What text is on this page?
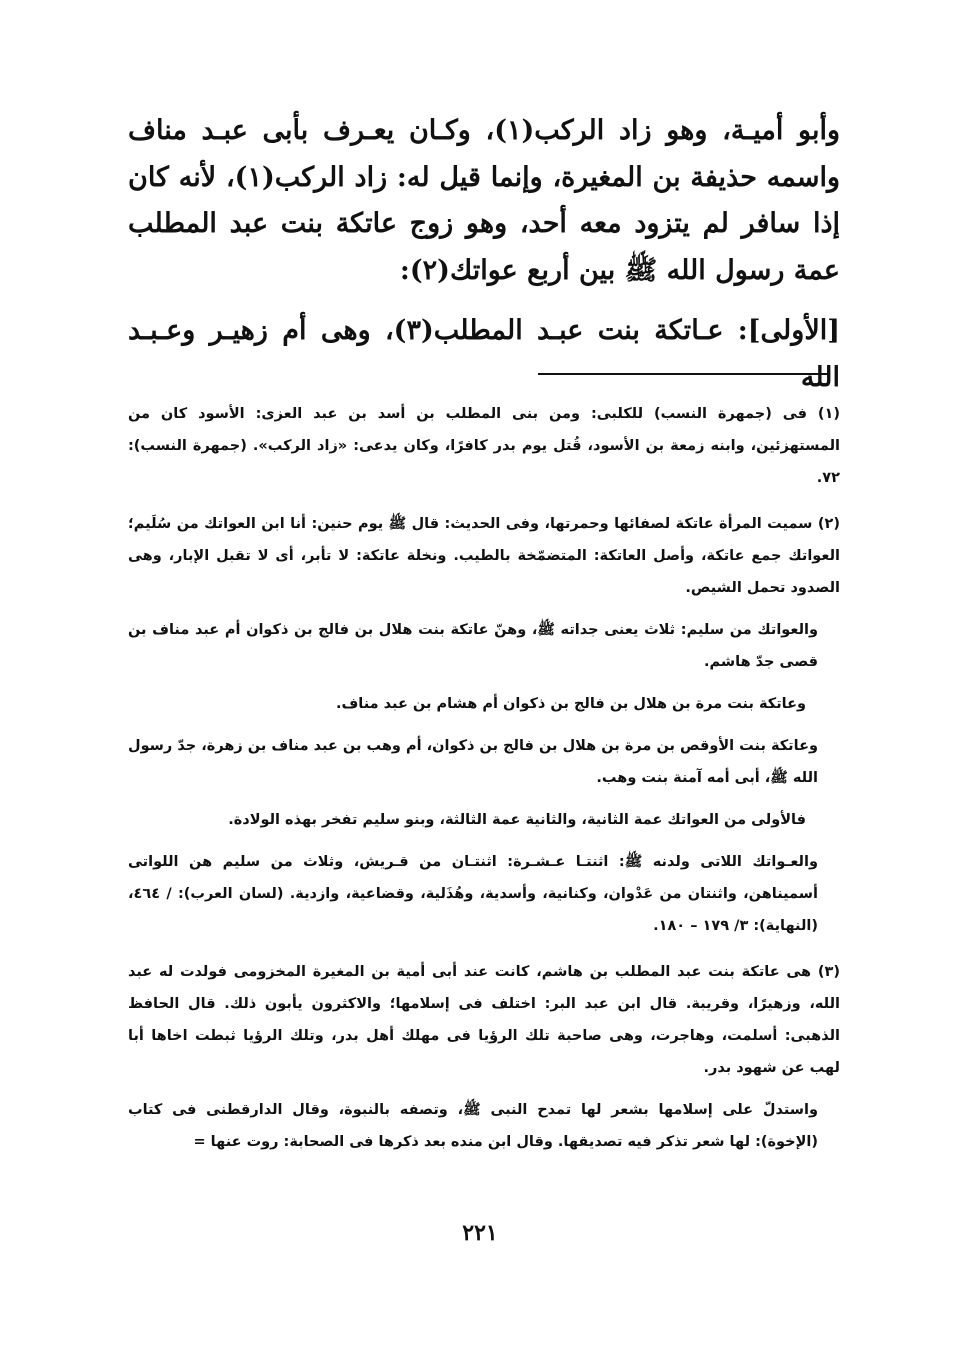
وأبو أميـة، وهو زاد الركب(١)، وكـان يعـرف بأبى عبـد مناف واسمه حذيفة بن المغيرة، وإنما قيل له: زاد الركب(١)، لأنه كان إذا سافر لم يتزود معه أحد، وهو زوج عاتكة بنت عبد المطلب عمة رسول الله ﷺ بين أربع عواتك(٢):

[الأولى]: عـاتكة بنت عبـد المطلب(٣)، وهى أم زهيـر وعـبـد الله

(١) فى (جمهرة النسب) للكلبى: ومن بنى المطلب بن أسد بن عبد العزى: الأسود كان من المستهزئين، وابنه زمعة بن الأسود، قُتل يوم بدر كافرًا، وكان يدعى: «زاد الركب». (جمهرة النسب): ٧٢.

(٢) سميت المرأة عاتكة لصفائها وحمرتها، وفى الحديث: قال ﷺ يوم حنين: أنا ابن العواتك من سُلَيم؛ العواتك جمع عاتكة، وأصل العاتكة: المتضمّخة بالطيب. ونخلة عاتكة: لا تأبر، أى لا تقبل الإبار، وهى الصدود تحمل الشيص.

والعواتك من سليم: ثلاث يعنى جداته ﷺ، وهنّ عاتكة بنت هلال بن فالج بن ذكوان أم عبد مناف بن قصى جدّ هاشم.

وعاتكة بنت مرة بن هلال بن فالج بن ذكوان أم هشام بن عبد مناف.

وعاتكة بنت الأوقص بن مرة بن هلال بن فالج بن ذكوان، أم وهب بن عبد مناف بن زهرة، جدّ رسول الله ﷺ، أبى أمه آمنة بنت وهب.

فالأولى من العواتك عمة الثانية، والثانية عمة الثالثة، وبنو سليم تفخر بهذه الولادة.

والعـواتك اللاتى ولدنه ﷺ: اثنتـا عـشـرة: اثنتـان من قـريش، وثلاث من سليم هن اللواتى أسميناهن، واثنتان من عَدْوان، وكنانية، وأسدية، وهُذَلية، وقضاعية، وازدية. (لسان العرب): / ٤٦٤، (النهاية): ٣/ ١٧٩ – ١٨٠.

(٣) هى عاتكة بنت عبد المطلب بن هاشم، كانت عند أبى أمية بن المغيرة المخزومى فولدت له عبد الله، وزهيرًا، وقريبة. قال ابن عبد البر: اختلف فى إسلامها؛ والاكثرون يأبون ذلك. قال الحافظ الذهبى: أسلمت، وهاجرت، وهى صاحبة تلك الرؤيا فى مهلك أهل بدر، وتلك الرؤيا ثبطت اخاها أبا لهب عن شهود بدر.

واستدلّ على إسلامها بشعر لها تمدح النبى ﷺ، وتصفه بالنبوة، وقال الدارقطنى فى كتاب (الإخوة): لها شعر تذكر فيه تصديقها. وقال ابن منده بعد ذكرها فى الصحابة: روت عنها =

٢٢١
